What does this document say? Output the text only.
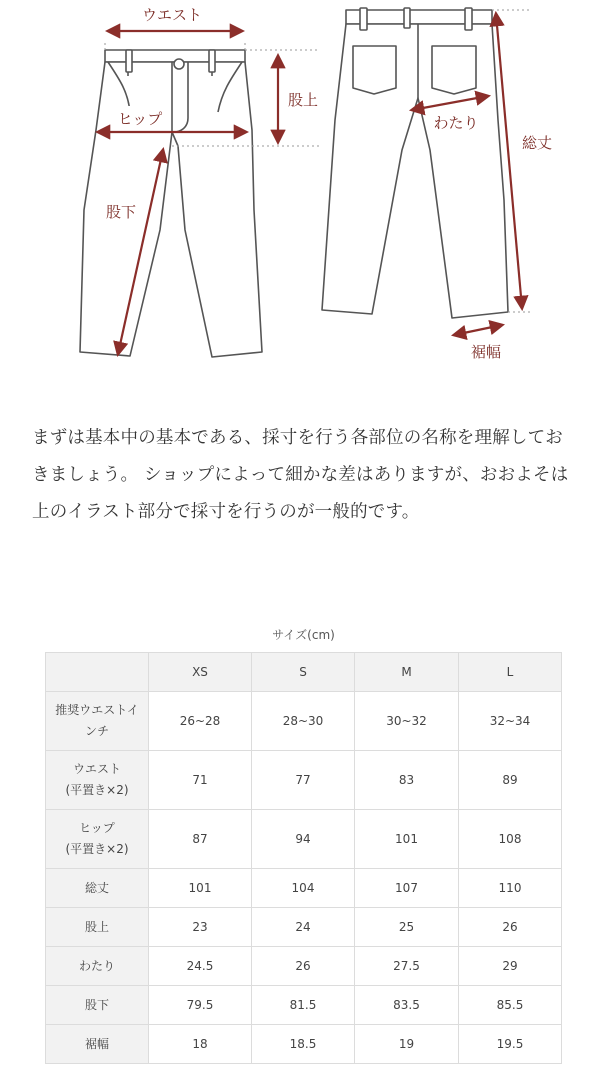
ウエスト
ヒップ
股上
股下
わたり
総丈
裾幅

まずは基本中の基本である、採寸を行う各部位の名称を理解しておきましょう。 ショップによって細かな差はありますが、おおよそは上のイラスト部分で採寸を行うのが一般的です。

サイズ(cm)
	XS	S	M	L
推奨ウエストインチ	26~28	28~30	30~32	32~34
ウエスト
(平置き×2)	71	77	83	89
ヒップ
(平置き×2)	87	94	101	108
総丈	101	104	107	110
股上	23	24	25	26
わたり	24.5	26	27.5	29
股下	79.5	81.5	83.5	85.5
裾幅	18	18.5	19	19.5
